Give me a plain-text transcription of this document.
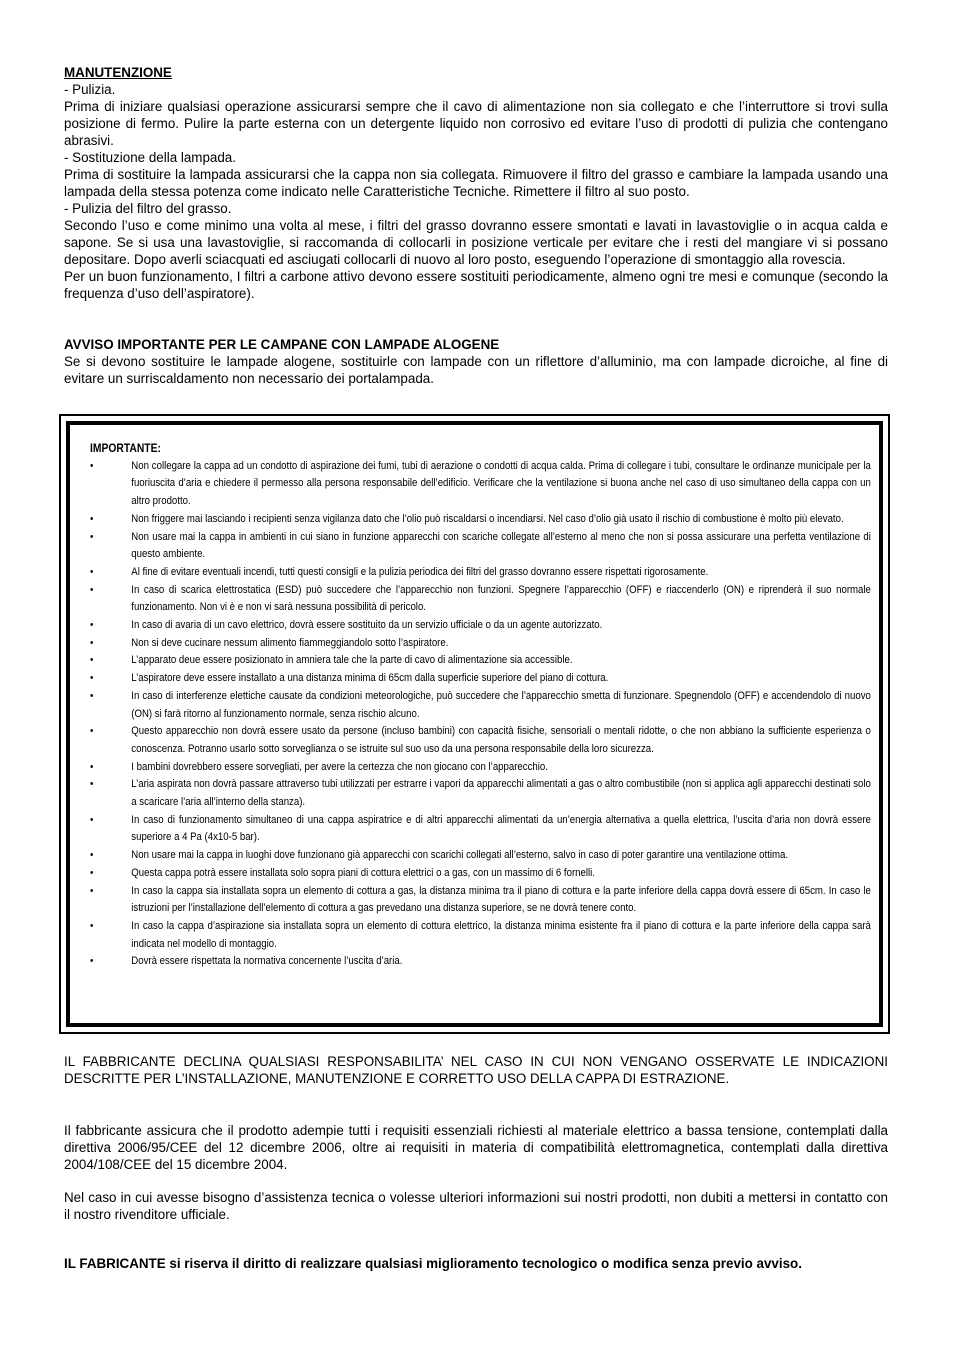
MANUTENZIONE

- Pulizia.

Prima di iniziare qualsiasi operazione assicurarsi sempre che il cavo di alimentazione non sia collegato e che l’interruttore si trovi sulla posizione di fermo. Pulire la parte esterna con un detergente liquido non corrosivo ed evitare l’uso di prodotti di pulizia che contengano abrasivi.

- Sostituzione della lampada.

Prima di sostituire la lampada assicurarsi che la cappa non sia collegata. Rimuovere il filtro del grasso e cambiare la lampada usando una lampada della stessa potenza come indicato nelle Caratteristiche Tecniche. Rimettere il filtro al suo posto.

- Pulizia del filtro del grasso.

Secondo l’uso e come minimo una volta al mese, i filtri del grasso dovranno essere smontati e lavati in lavastoviglie o in acqua calda e sapone. Se si usa una lavastoviglie, si raccomanda di collocarli in posizione verticale per evitare che i resti del mangiare vi si possano depositare. Dopo averli sciacquati ed asciugati collocarli di nuovo al loro posto, eseguendo l’operazione di smontaggio alla rovescia.

Per un buon funzionamento, I filtri a carbone attivo devono essere sostituiti periodicamente, almeno ogni tre mesi e comunque (secondo la frequenza d’uso dell’aspiratore).

AVVISO IMPORTANTE PER LE CAMPANE CON LAMPADE ALOGENE

Se si devono sostituire le lampade alogene, sostituirle con lampade con un riflettore d’alluminio, ma con lampade dicroiche, al fine di evitare un surriscaldamento non necessario dei portalampada.

IMPORTANTE:

•	Non collegare la cappa ad un condotto di aspirazione dei fumi, tubi di aerazione o condotti di acqua calda. Prima di collegare i tubi, consultare le ordinanze municipale per la fuoriuscita d’aria e chiedere il permesso alla persona responsabile dell’edificio. Verificare che la ventilazione si buona anche nel caso di uso simultaneo della cappa con un altro prodotto.
•	Non friggere mai lasciando i recipienti senza vigilanza dato che l’olio può riscaldarsi o incendiarsi. Nel caso d’olio già usato il rischio di combustione è molto più elevato.
•	Non usare mai la cappa in ambienti in cui siano in funzione apparecchi con scariche collegate all’esterno al meno che non si possa assicurare una perfetta ventilazione di questo ambiente.
•	Al fine di evitare eventuali incendi, tutti questi consigli e la pulizia periodica dei filtri del grasso dovranno essere rispettati rigorosamente.
•	In caso di scarica elettrostatica (ESD) può succedere che l’apparecchio non funzioni. Spegnere l’apparecchio (OFF) e riaccenderlo (ON) e riprenderà il suo normale funzionamento. Non vi è e non vi sarà nessuna possibilità di pericolo.
•	In caso di avaria di un cavo elettrico, dovrà essere sostituito da un servizio ufficiale o da un agente autorizzato.
•	Non si deve cucinare nessum alimento fiammeggiandolo sotto l’aspiratore.
•	L’apparato deue essere posizionato in amniera tale che la parte di cavo di alimentazione sia accessible.
•	L’aspiratore deve essere installato a una distanza minima di 65cm dalla superficie superiore del piano di cottura.
•	In caso di interferenze elettiche causate da condizioni meteorologiche, può succedere che l’apparecchio smetta di funzionare. Spegnendolo (OFF) e accendendolo di nuovo (ON) si farà ritorno al funzionamento normale, senza rischio alcuno.
•	Questo apparecchio non dovrà essere usato da persone (incluso bambini) con capacità fisiche, sensoriali o mentali ridotte, o che non abbiano la sufficiente esperienza o conoscenza. Potranno usarlo sotto sorveglianza o se istruite sul suo uso da una persona responsabile della loro sicurezza.
•	I bambini dovrebbero essere sorvegliati, per avere la certezza che non giocano con l’apparecchio.
•	L’aria aspirata non dovrà passare attraverso tubi utilizzati per estrarre i vapori da apparecchi alimentati a gas o altro combustibile (non si applica agli apparecchi destinati solo a scaricare l’aria all’interno della stanza).
•	In caso di funzionamento simultaneo di una cappa aspiratrice e di altri apparecchi alimentati da un’energia alternativa a quella elettrica, l’uscita d’aria non dovrà essere superiore a 4 Pa (4x10-5 bar).
•	Non usare mai la cappa in luoghi dove funzionano già apparecchi con scarichi collegati all’esterno, salvo in caso di poter garantire una ventilazione ottima.
•	Questa cappa potrà essere installata solo sopra piani di cottura elettrici o a gas, con un massimo di 6 fornelli.
•	In caso la cappa sia installata sopra un elemento di cottura a gas, la distanza minima tra il piano di cottura e la parte inferiore della cappa dovrà essere di 65cm. In caso le istruzioni per l’installazione dell’elemento di cottura a gas prevedano una distanza superiore, se ne dovrà tenere conto.
•	In caso la cappa d’aspirazione sia installata sopra un elemento di cottura elettrico, la distanza minima esistente fra il piano di cottura e la parte inferiore della cappa sarà indicata nel modello di montaggio.
•	Dovrà essere rispettata la normativa concernente l’uscita d’aria.

IL FABBRICANTE DECLINA QUALSIASI RESPONSABILITA’ NEL CASO IN CUI NON VENGANO OSSERVATE LE INDICAZIONI DESCRITTE PER L’INSTALLAZIONE, MANUTENZIONE E CORRETTO USO DELLA CAPPA DI ESTRAZIONE.

Il fabbricante assicura che il prodotto adempie tutti i requisiti essenziali richiesti al materiale elettrico a bassa tensione, contemplati dalla direttiva 2006/95/CEE del 12 dicembre 2006, oltre ai requisiti in materia di compatibilità elettromagnetica, contemplati dalla direttiva 2004/108/CEE del 15 dicembre 2004.

Nel caso in cui avesse bisogno d’assistenza tecnica o volesse ulteriori informazioni sui nostri prodotti, non dubiti a mettersi in contatto con il nostro rivenditore ufficiale.

IL FABRICANTE si riserva il diritto di realizzare qualsiasi miglioramento tecnologico o modifica senza previo avviso.
